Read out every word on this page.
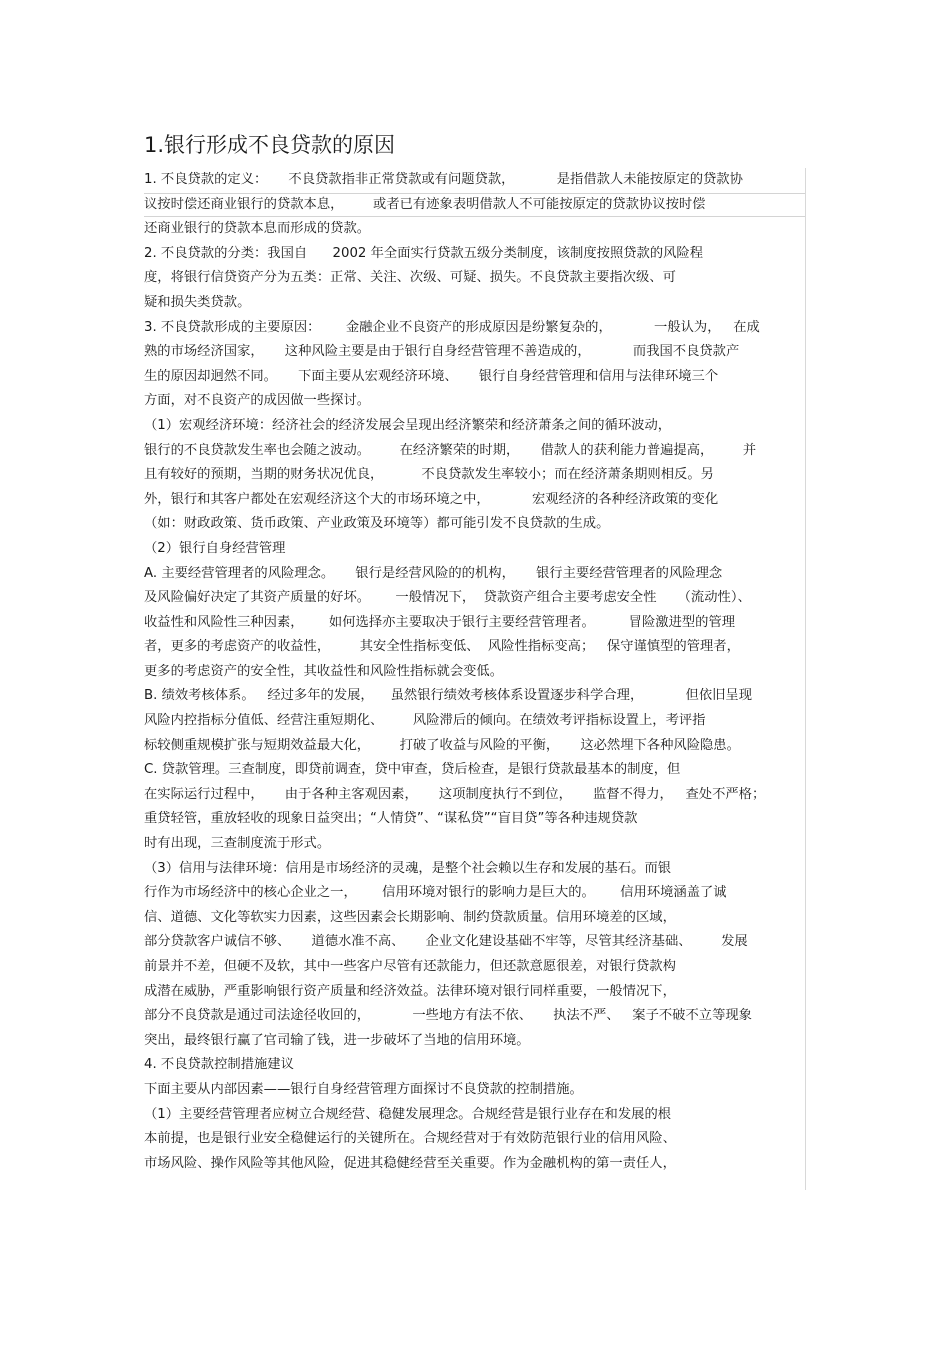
1.银行形成不良贷款的原因
1. 不良贷款的定义：     不良贷款指非正常贷款或有问题贷款，          是指借款人未能按原定的贷款协
议按时偿还商业银行的贷款本息，       或者已有迹象表明借款人不可能按原定的贷款协议按时偿
还商业银行的贷款本息而形成的贷款。
2. 不良贷款的分类：我国自      2002 年全面实行贷款五级分类制度，该制度按照贷款的风险程
度，将银行信贷资产分为五类：正常、关注、次级、可疑、损失。不良贷款主要指次级、可
疑和损失类贷款。
3. 不良贷款形成的主要原因：      金融企业不良资产的形成原因是纷繁复杂的，          一般认为，   在成
熟的市场经济国家，     这种风险主要是由于银行自身经营管理不善造成的，          而我国不良贷款产
生的原因却迥然不同。     下面主要从宏观经济环境、     银行自身经营管理和信用与法律环境三个
方面，对不良资产的成因做一些探讨。
（1）宏观经济环境：经济社会的经济发展会呈现出经济繁荣和经济萧条之间的循环波动，
银行的不良贷款发生率也会随之波动。       在经济繁荣的时期，     借款人的获利能力普遍提高，       并
且有较好的预期，当期的财务状况优良，         不良贷款发生率较小；而在经济萧条期则相反。另
外，银行和其客户都处在宏观经济这个大的市场环境之中，          宏观经济的各种经济政策的变化
（如：财政政策、货币政策、产业政策及环境等）都可能引发不良贷款的生成。
（2）银行自身经营管理
A. 主要经营管理者的风险理念。     银行是经营风险的的机构，     银行主要经营管理者的风险理念
及风险偏好决定了其资产质量的好坏。      一般情况下，  贷款资产组合主要考虑安全性     （流动性）、
收益性和风险性三种因素，      如何选择亦主要取决于银行主要经营管理者。        冒险激进型的管理
者，更多的考虑资产的收益性，       其安全性指标变低、  风险性指标变高；   保守谨慎型的管理者，
更多的考虑资产的安全性，其收益性和风险性指标就会变低。
B. 绩效考核体系。   经过多年的发展，    虽然银行绩效考核体系设置逐步科学合理，          但依旧呈现
风险内控指标分值低、经营注重短期化、       风险滞后的倾向。在绩效考评指标设置上，考评指
标较侧重规模扩张与短期效益最大化，       打破了收益与风险的平衡，     这必然埋下各种风险隐患。
C. 贷款管理。三查制度，即贷前调查，贷中审查，贷后检查，是银行贷款最基本的制度，但
在实际运行过程中，     由于各种主客观因素，     这项制度执行不到位，     监督不得力，   查处不严格；
重贷轻管，重放轻收的现象日益突出；“人情贷”、“谋私贷”“盲目贷”等各种违规贷款
时有出现，三查制度流于形式。
（3）信用与法律环境：信用是市场经济的灵魂，是整个社会赖以生存和发展的基石。而银
行作为市场经济中的核心企业之一，      信用环境对银行的影响力是巨大的。      信用环境涵盖了诚
信、道德、文化等软实力因素，这些因素会长期影响、制约贷款质量。信用环境差的区域，
部分贷款客户诚信不够、     道德水准不高、     企业文化建设基础不牢等，尽管其经济基础、       发展
前景并不差，但硬不及软，其中一些客户尽管有还款能力，但还款意愿很差，对银行贷款构
成潜在威胁，严重影响银行资产质量和经济效益。法律环境对银行同样重要，一般情况下，
部分不良贷款是通过司法途径收回的，          一些地方有法不依、     执法不严、   案子不破不立等现象
突出，最终银行赢了官司输了钱，进一步破坏了当地的信用环境。
4. 不良贷款控制措施建议
下面主要从内部因素——银行自身经营管理方面探讨不良贷款的控制措施。
（1）主要经营管理者应树立合规经营、稳健发展理念。合规经营是银行业存在和发展的根
本前提，也是银行业安全稳健运行的关键所在。合规经营对于有效防范银行业的信用风险、
市场风险、操作风险等其他风险，促进其稳健经营至关重要。作为金融机构的第一责任人，
